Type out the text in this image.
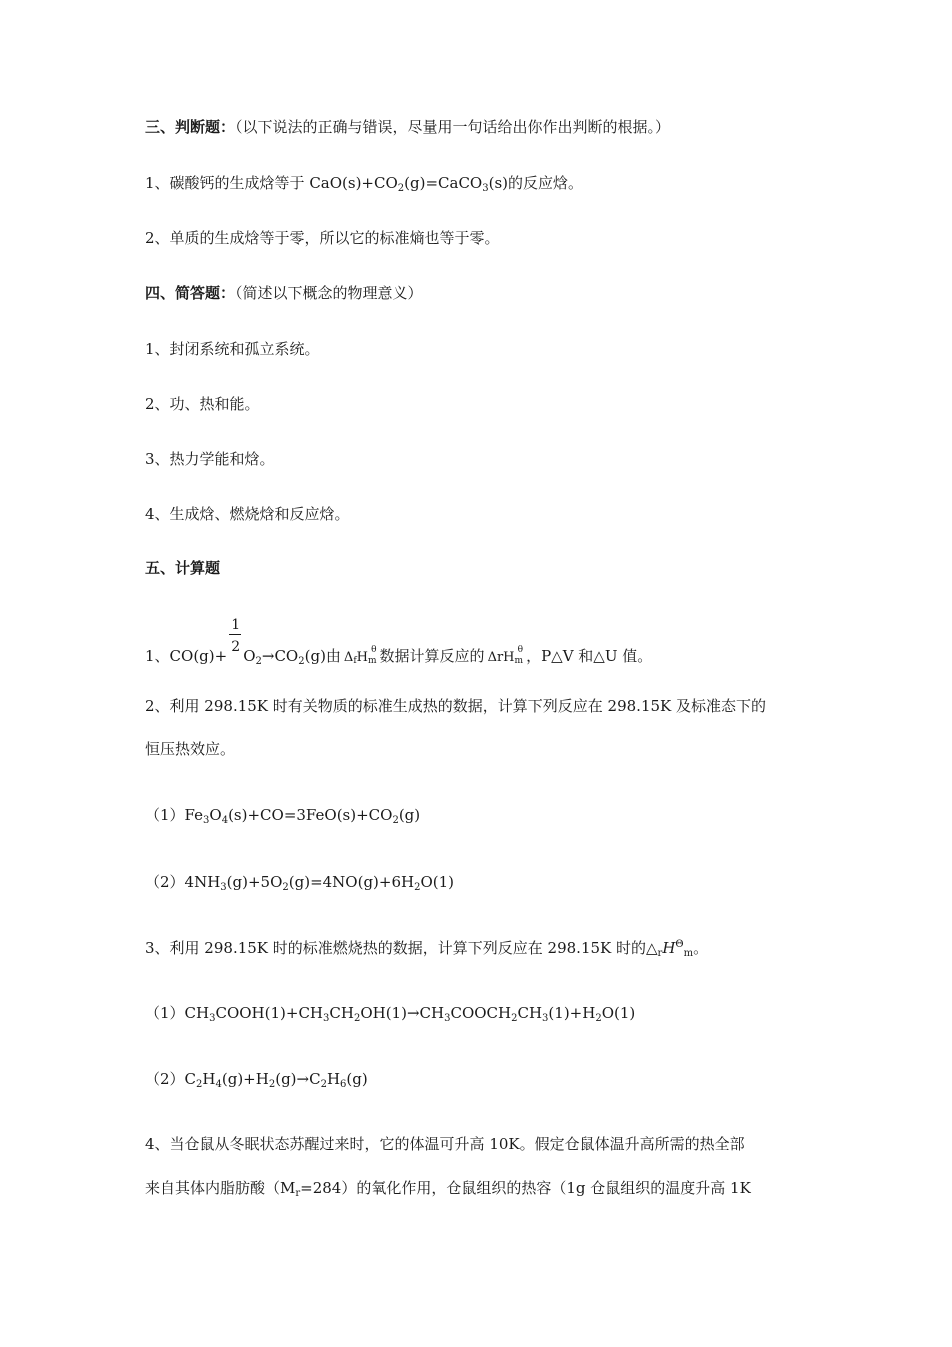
三、判断题：（以下说法的正确与错误，尽量用一句话给出你作出判断的根据。）
1、碳酸钙的生成焓等于 $CaO(s)+CO_2(g)=CaCO_3(s)$的反应焓。
2、单质的生成焓等于零，所以它的标准熵也等于零。
四、简答题：（简述以下概念的物理意义）
1、封闭系统和孤立系统。
2、功、热和能。
3、热力学能和焓。
4、生成焓、燃烧焓和反应焓。
五、计算题
1、$CO(g)+ \frac{1}{2} O_2\to CO_2(g)$由 ΔfH θ
m 数据计算反应的 ΔrH θ
m ，P△V 和△U 值。
2、利用 298.15K 时有关物质的标准生成热的数据，计算下列反应在 298.15K 及标准态下的
恒压热效应。
$(1)Fe_3O_4(s)+CO=3FeO(s)+CO_2(g)$
$(2)4NH_3(g)+5O_2(g)=4NO(g)+6H_2O(1)$
3、利用 298.15K 时的标准燃烧热的数据，计算下列反应在 298.15K 时的$\triangle_rH^\Theta_m$。
$(1)CH_3COOH(1)+CH_3CH_2OH(1)\to CH_3COOCH_2CH_3(1)+H_2O(1)$
$(2)C_2H_4(g)+H_2(g)\to C_2H_6(g)$
4、当仓鼠从冬眠状态苏醒过来时，它的体温可升高 10K。假定仓鼠体温升高所需的热全部
来自其体内脂肪酸$(M_r=284)$的氧化作用，仓鼠组织的热容（1g 仓鼠组织的温度升高 1K
